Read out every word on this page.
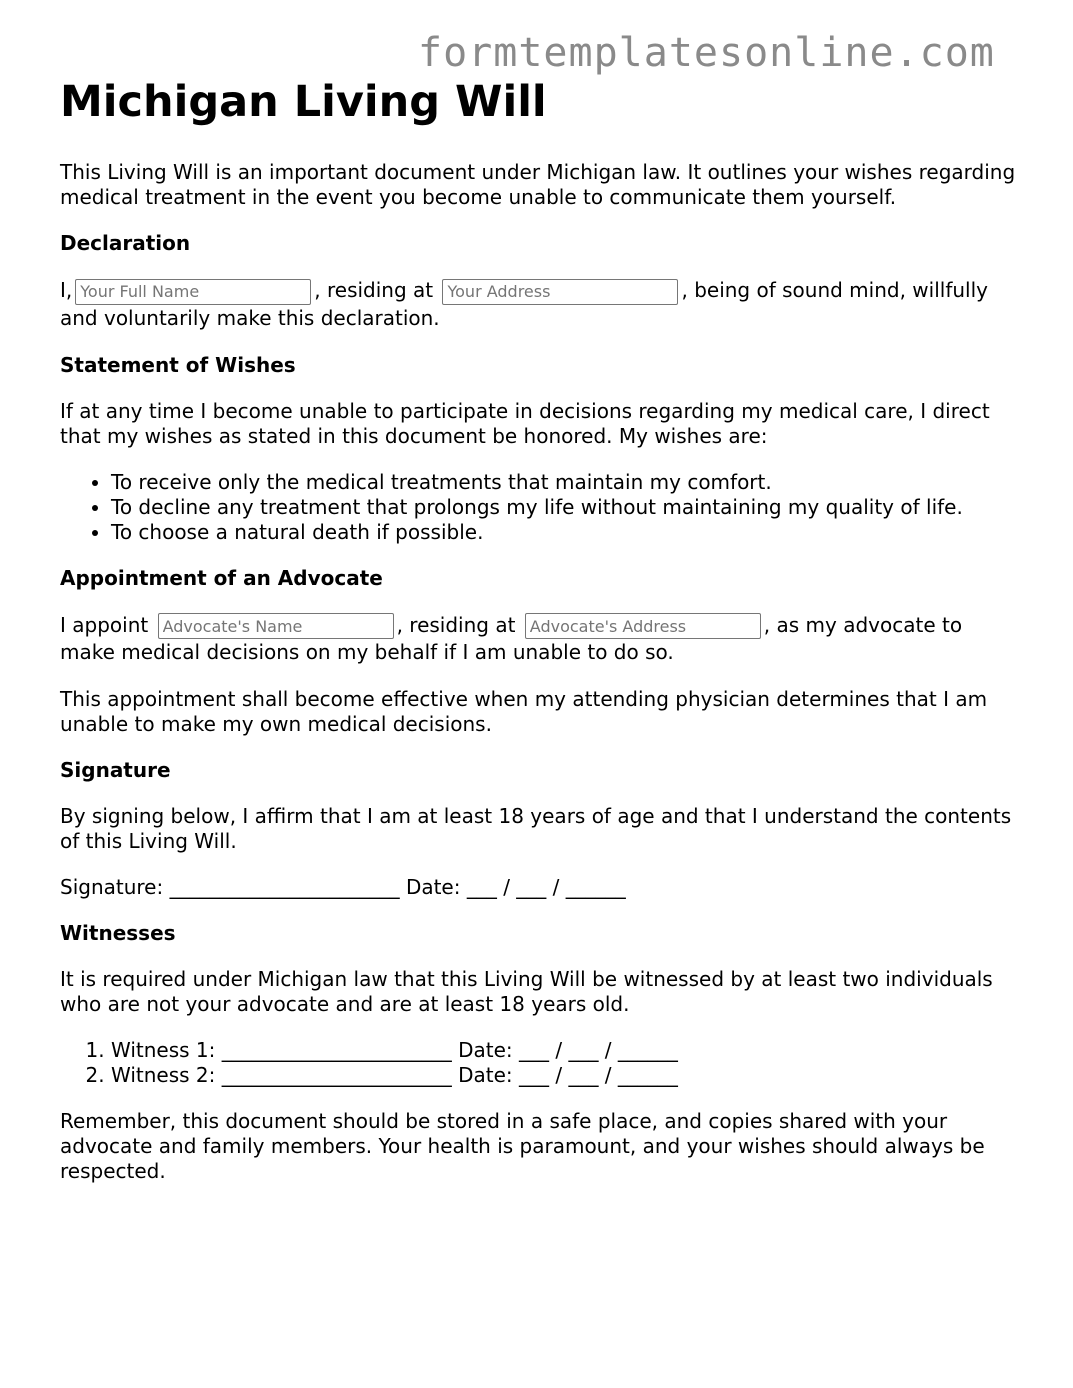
formtemplatesonline.com
Michigan Living Will

This Living Will is an important document under Michigan law. It outlines your wishes regarding medical treatment in the event you become unable to communicate them yourself.

Declaration

I,Your Full Name	, residing at Your Address	, being of sound mind, willfully and voluntarily make this declaration.

Statement of Wishes

If at any time I become unable to participate in decisions regarding my medical care, I direct that my wishes as stated in this document be honored. My wishes are:

• To receive only the medical treatments that maintain my comfort.
• To decline any treatment that prolongs my life without maintaining my quality of life.
• To choose a natural death if possible.
Appointment of an Advocate

I appoint Advocate's Name	, residing at Advocate's Address	, as my advocate to make medical decisions on my behalf if I am unable to do so.

This appointment shall become effective when my attending physician determines that I am unable to make my own medical decisions.

Signature

By signing below, I affirm that I am at least 18 years of age and that I understand the contents of this Living Will.

Signature: _______________________ Date: ___ / ___ / ______

Witnesses

It is required under Michigan law that this Living Will be witnessed by at least two individuals who are not your advocate and are at least 18 years old.

1. Witness 1: _______________________ Date: ___ / ___ / ______
2. Witness 2: _______________________ Date: ___ / ___ / ______

Remember, this document should be stored in a safe place, and copies shared with your advocate and family members. Your health is paramount, and your wishes should always be respected.
